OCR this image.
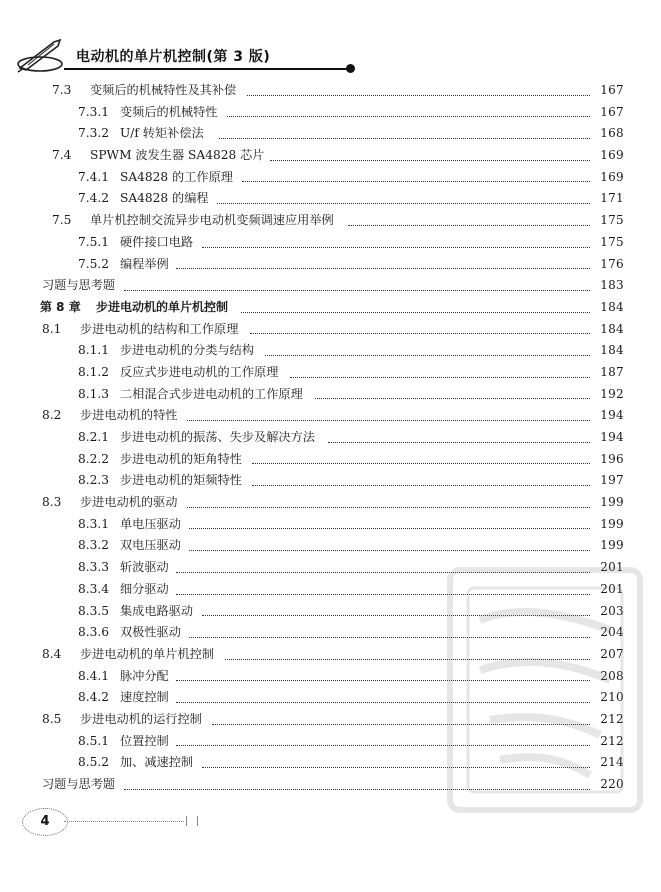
电动机的单片机控制(第 3 版)
7.3 变频后的机械特性及其补偿	167
7.3.1 变频后的机械特性	167
7.3.2 U/f 转矩补偿法	168
7.4 SPWM 波发生器 SA4828 芯片	169
7.4.1 SA4828 的工作原理	169
7.4.2 SA4828 的编程	171
7.5 单片机控制交流异步电动机变频调速应用举例	175
7.5.1 硬件接口电路	175
7.5.2 编程举例	176
习题与思考题	183
第 8 章 步进电动机的单片机控制	184
8.1 步进电动机的结构和工作原理	184
8.1.1 步进电动机的分类与结构	184
8.1.2 反应式步进电动机的工作原理	187
8.1.3 二相混合式步进电动机的工作原理	192
8.2 步进电动机的特性	194
8.2.1 步进电动机的振荡、失步及解决方法	194
8.2.2 步进电动机的矩角特性	196
8.2.3 步进电动机的矩频特性	197
8.3 步进电动机的驱动	199
8.3.1 单电压驱动	199
8.3.2 双电压驱动	199
8.3.3 斩波驱动	201
8.3.4 细分驱动	201
8.3.5 集成电路驱动	203
8.3.6 双极性驱动	204
8.4 步进电动机的单片机控制	207
8.4.1 脉冲分配	208
8.4.2 速度控制	210
8.5 步进电动机的运行控制	212
8.5.1 位置控制	212
8.5.2 加、减速控制	214
习题与思考题	220
4
